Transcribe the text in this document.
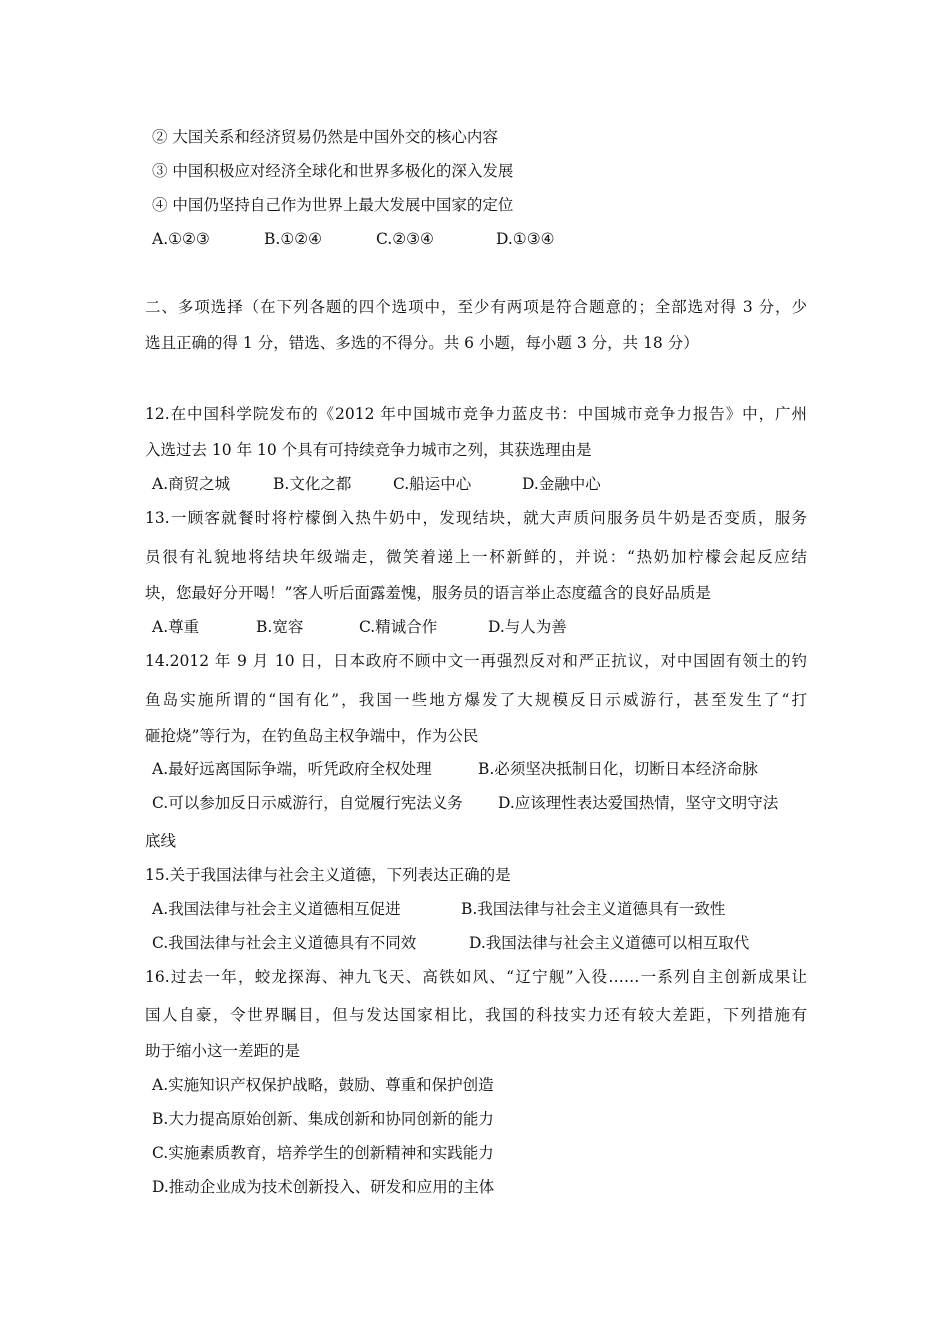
② 大国关系和经济贸易仍然是中国外交的核心内容
③ 中国积极应对经济全球化和世界多极化的深入发展
④ 中国仍坚持自己作为世界上最大发展中国家的定位
A.①②③	B.①②④	C.②③④	D.①③④
二、多项选择（在下列各题的四个选项中，至少有两项是符合题意的；全部选对得 3 分，少
选且正确的得 1 分，错选、多选的不得分。共 6 小题，每小题 3 分，共 18 分）
12.在中国科学院发布的《2012 年中国城市竞争力蓝皮书：中国城市竞争力报告》中，广州
入选过去 10 年 10 个具有可持续竞争力城市之列，其获选理由是
A.商贸之城	B.文化之都	C.船运中心	D.金融中心
13.一顾客就餐时将柠檬倒入热牛奶中，发现结块，就大声质问服务员牛奶是否变质，服务
员很有礼貌地将结块年级端走，微笑着递上一杯新鲜的，并说：“热奶加柠檬会起反应结
块，您最好分开喝！”客人听后面露羞愧，服务员的语言举止态度蕴含的良好品质是
A.尊重	B.宽容	C.精诚合作	D.与人为善
14.2012 年 9 月 10 日，日本政府不顾中文一再强烈反对和严正抗议，对中国固有领土的钓
鱼岛实施所谓的“国有化”，我国一些地方爆发了大规模反日示威游行，甚至发生了“打
砸抢烧”等行为，在钓鱼岛主权争端中，作为公民
A.最好远离国际争端，听凭政府全权处理	B.必须坚决抵制日化，切断日本经济命脉
C.可以参加反日示威游行，自觉履行宪法义务 D.应该理性表达爱国热情，坚守文明守法
底线
15.关于我国法律与社会主义道德，下列表达正确的是
A.我国法律与社会主义道德相互促进	B.我国法律与社会主义道德具有一致性
C.我国法律与社会主义道德具有不同效	D.我国法律与社会主义道德可以相互取代
16.过去一年，蛟龙探海、神九飞天、高铁如风、“辽宁舰”入役……一系列自主创新成果让
国人自豪，令世界瞩目，但与发达国家相比，我国的科技实力还有较大差距，下列措施有
助于缩小这一差距的是
A.实施知识产权保护战略，鼓励、尊重和保护创造
B.大力提高原始创新、集成创新和协同创新的能力
C.实施素质教育，培养学生的创新精神和实践能力
D.推动企业成为技术创新投入、研发和应用的主体
